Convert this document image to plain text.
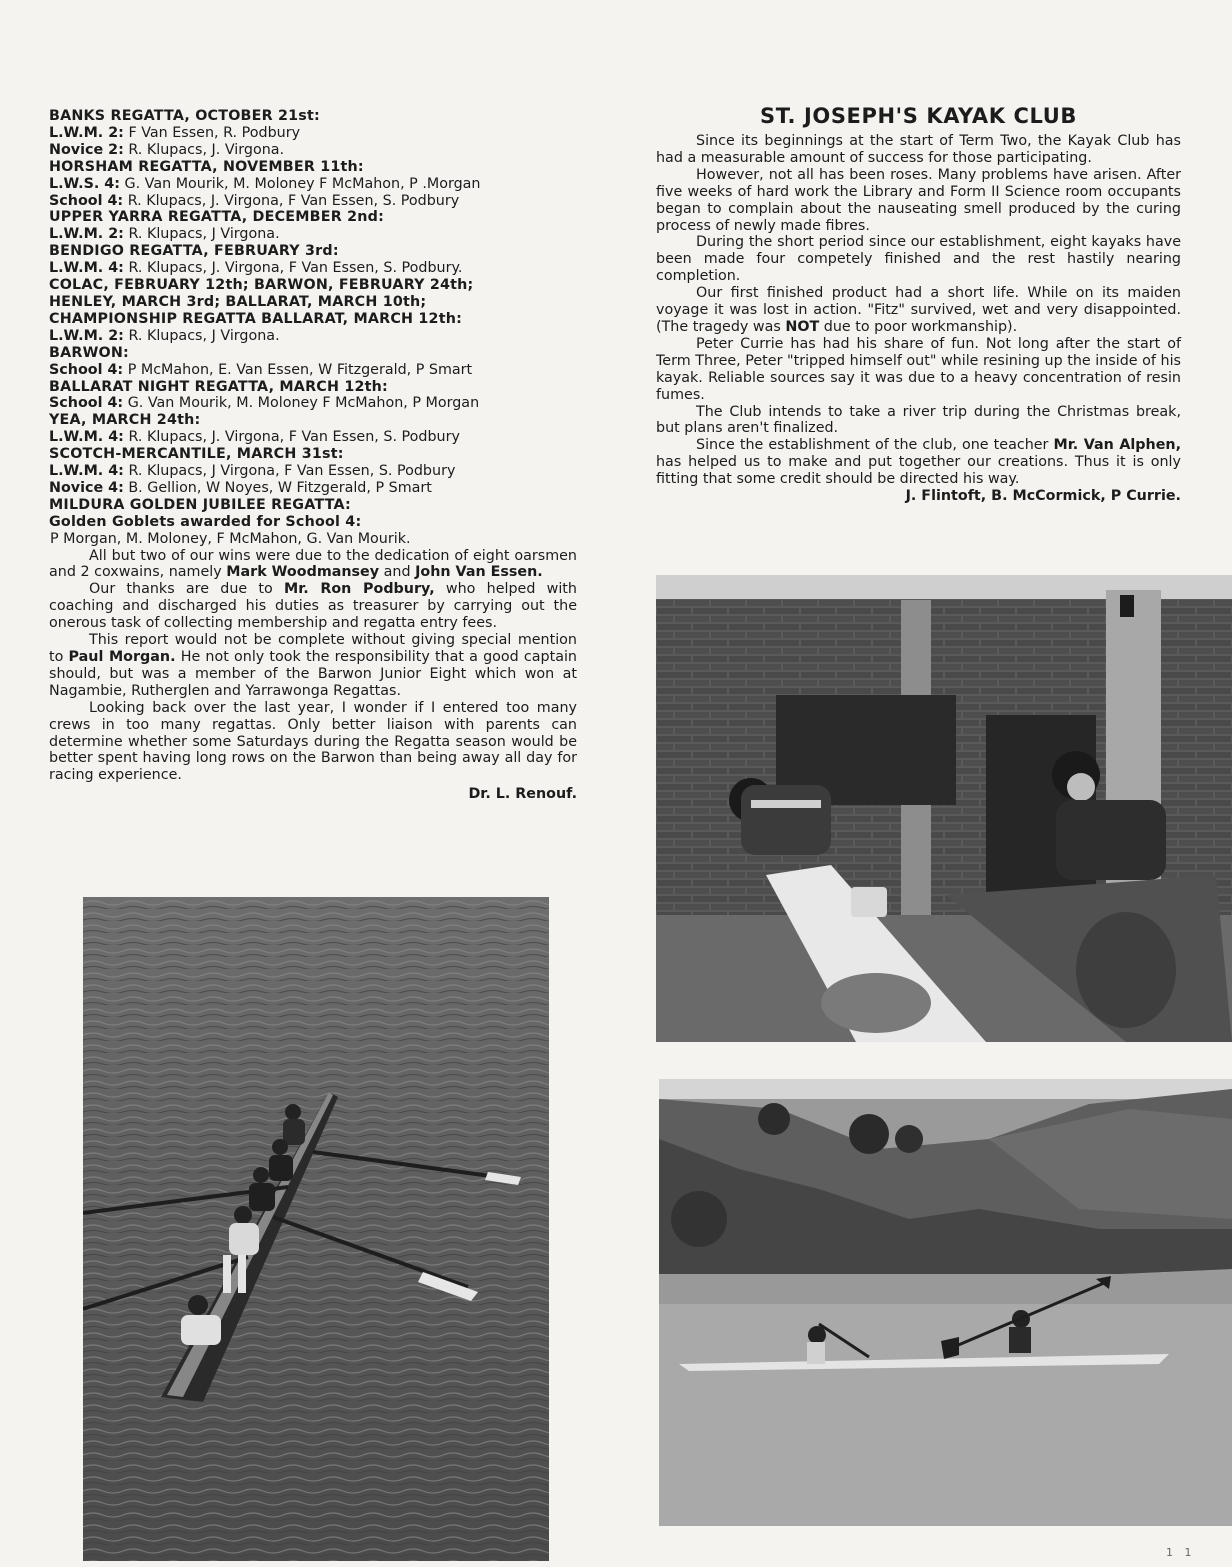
BANKS REGATTA, OCTOBER 21st:
L.W.M. 2: F Van Essen, R. Podbury
Novice 2: R. Klupacs, J. Virgona.
HORSHAM REGATTA, NOVEMBER 11th:
L.W.S. 4: G. Van Mourik, M. Moloney F McMahon, P .Morgan
School 4: R. Klupacs, J. Virgona, F Van Essen, S. Podbury
UPPER YARRA REGATTA, DECEMBER 2nd:
L.W.M. 2: R. Klupacs, J Virgona.
BENDIGO REGATTA, FEBRUARY 3rd:
L.W.M. 4: R. Klupacs, J. Virgona, F Van Essen, S. Podbury.
COLAC, FEBRUARY 12th; BARWON, FEBRUARY 24th;
HENLEY, MARCH 3rd; BALLARAT, MARCH 10th;
CHAMPIONSHIP REGATTA BALLARAT, MARCH 12th:
L.W.M. 2: R. Klupacs, J Virgona.
BARWON:
School 4: P McMahon, E. Van Essen, W Fitzgerald, P Smart
BALLARAT NIGHT REGATTA, MARCH 12th:
School 4: G. Van Mourik, M. Moloney F McMahon, P Morgan
YEA, MARCH 24th:
L.W.M. 4: R. Klupacs, J. Virgona, F Van Essen, S. Podbury
SCOTCH-MERCANTILE, MARCH 31st:
L.W.M. 4: R. Klupacs, J Virgona, F Van Essen, S. Podbury
Novice 4: B. Gellion, W Noyes, W Fitzgerald, P Smart
MILDURA GOLDEN JUBILEE REGATTA:
Golden Goblets awarded for School 4:
P Morgan, M. Moloney, F McMahon, G. Van Mourik.

All but two of our wins were due to the dedication of eight oarsmen and 2 coxwains, namely Mark Woodmansey and John Van Essen.

Our thanks are due to Mr. Ron Podbury, who helped with coaching and discharged his duties as treasurer by carrying out the onerous task of collecting membership and regatta entry fees.

This report would not be complete without giving special mention to Paul Morgan. He not only took the responsibility that a good captain should, but was a member of the Barwon Junior Eight which won at Nagambie, Rutherglen and Yarrawonga Regattas.

Looking back over the last year, I wonder if I entered too many crews in too many regattas. Only better liaison with parents can determine whether some Saturdays during the Regatta season would be better spent having long rows on the Barwon than being away all day for racing experience.

Dr. L. Renouf.

ST. JOSEPH'S KAYAK CLUB

Since its beginnings at the start of Term Two, the Kayak Club has had a measurable amount of success for those participating.

However, not all has been roses. Many problems have arisen. After five weeks of hard work the Library and Form II Science room occupants began to complain about the nauseating smell produced by the curing process of newly made fibres.

During the short period since our establishment, eight kayaks have been made four competely finished and the rest hastily nearing completion.

Our first finished product had a short life. While on its maiden voyage it was lost in action. "Fitz" survived, wet and very disappointed. (The tragedy was NOT due to poor workmanship).

Peter Currie has had his share of fun. Not long after the start of Term Three, Peter "tripped himself out" while resining up the inside of his kayak. Reliable sources say it was due to a heavy concentration of resin fumes.

The Club intends to take a river trip during the Christmas break, but plans aren't finalized.

Since the establishment of the club, one teacher Mr. Van Alphen, has helped us to make and put together our creations. Thus it is only fitting that some credit should be directed his way.

J. Flintoft, B. McCormick, P Currie.

1 1
